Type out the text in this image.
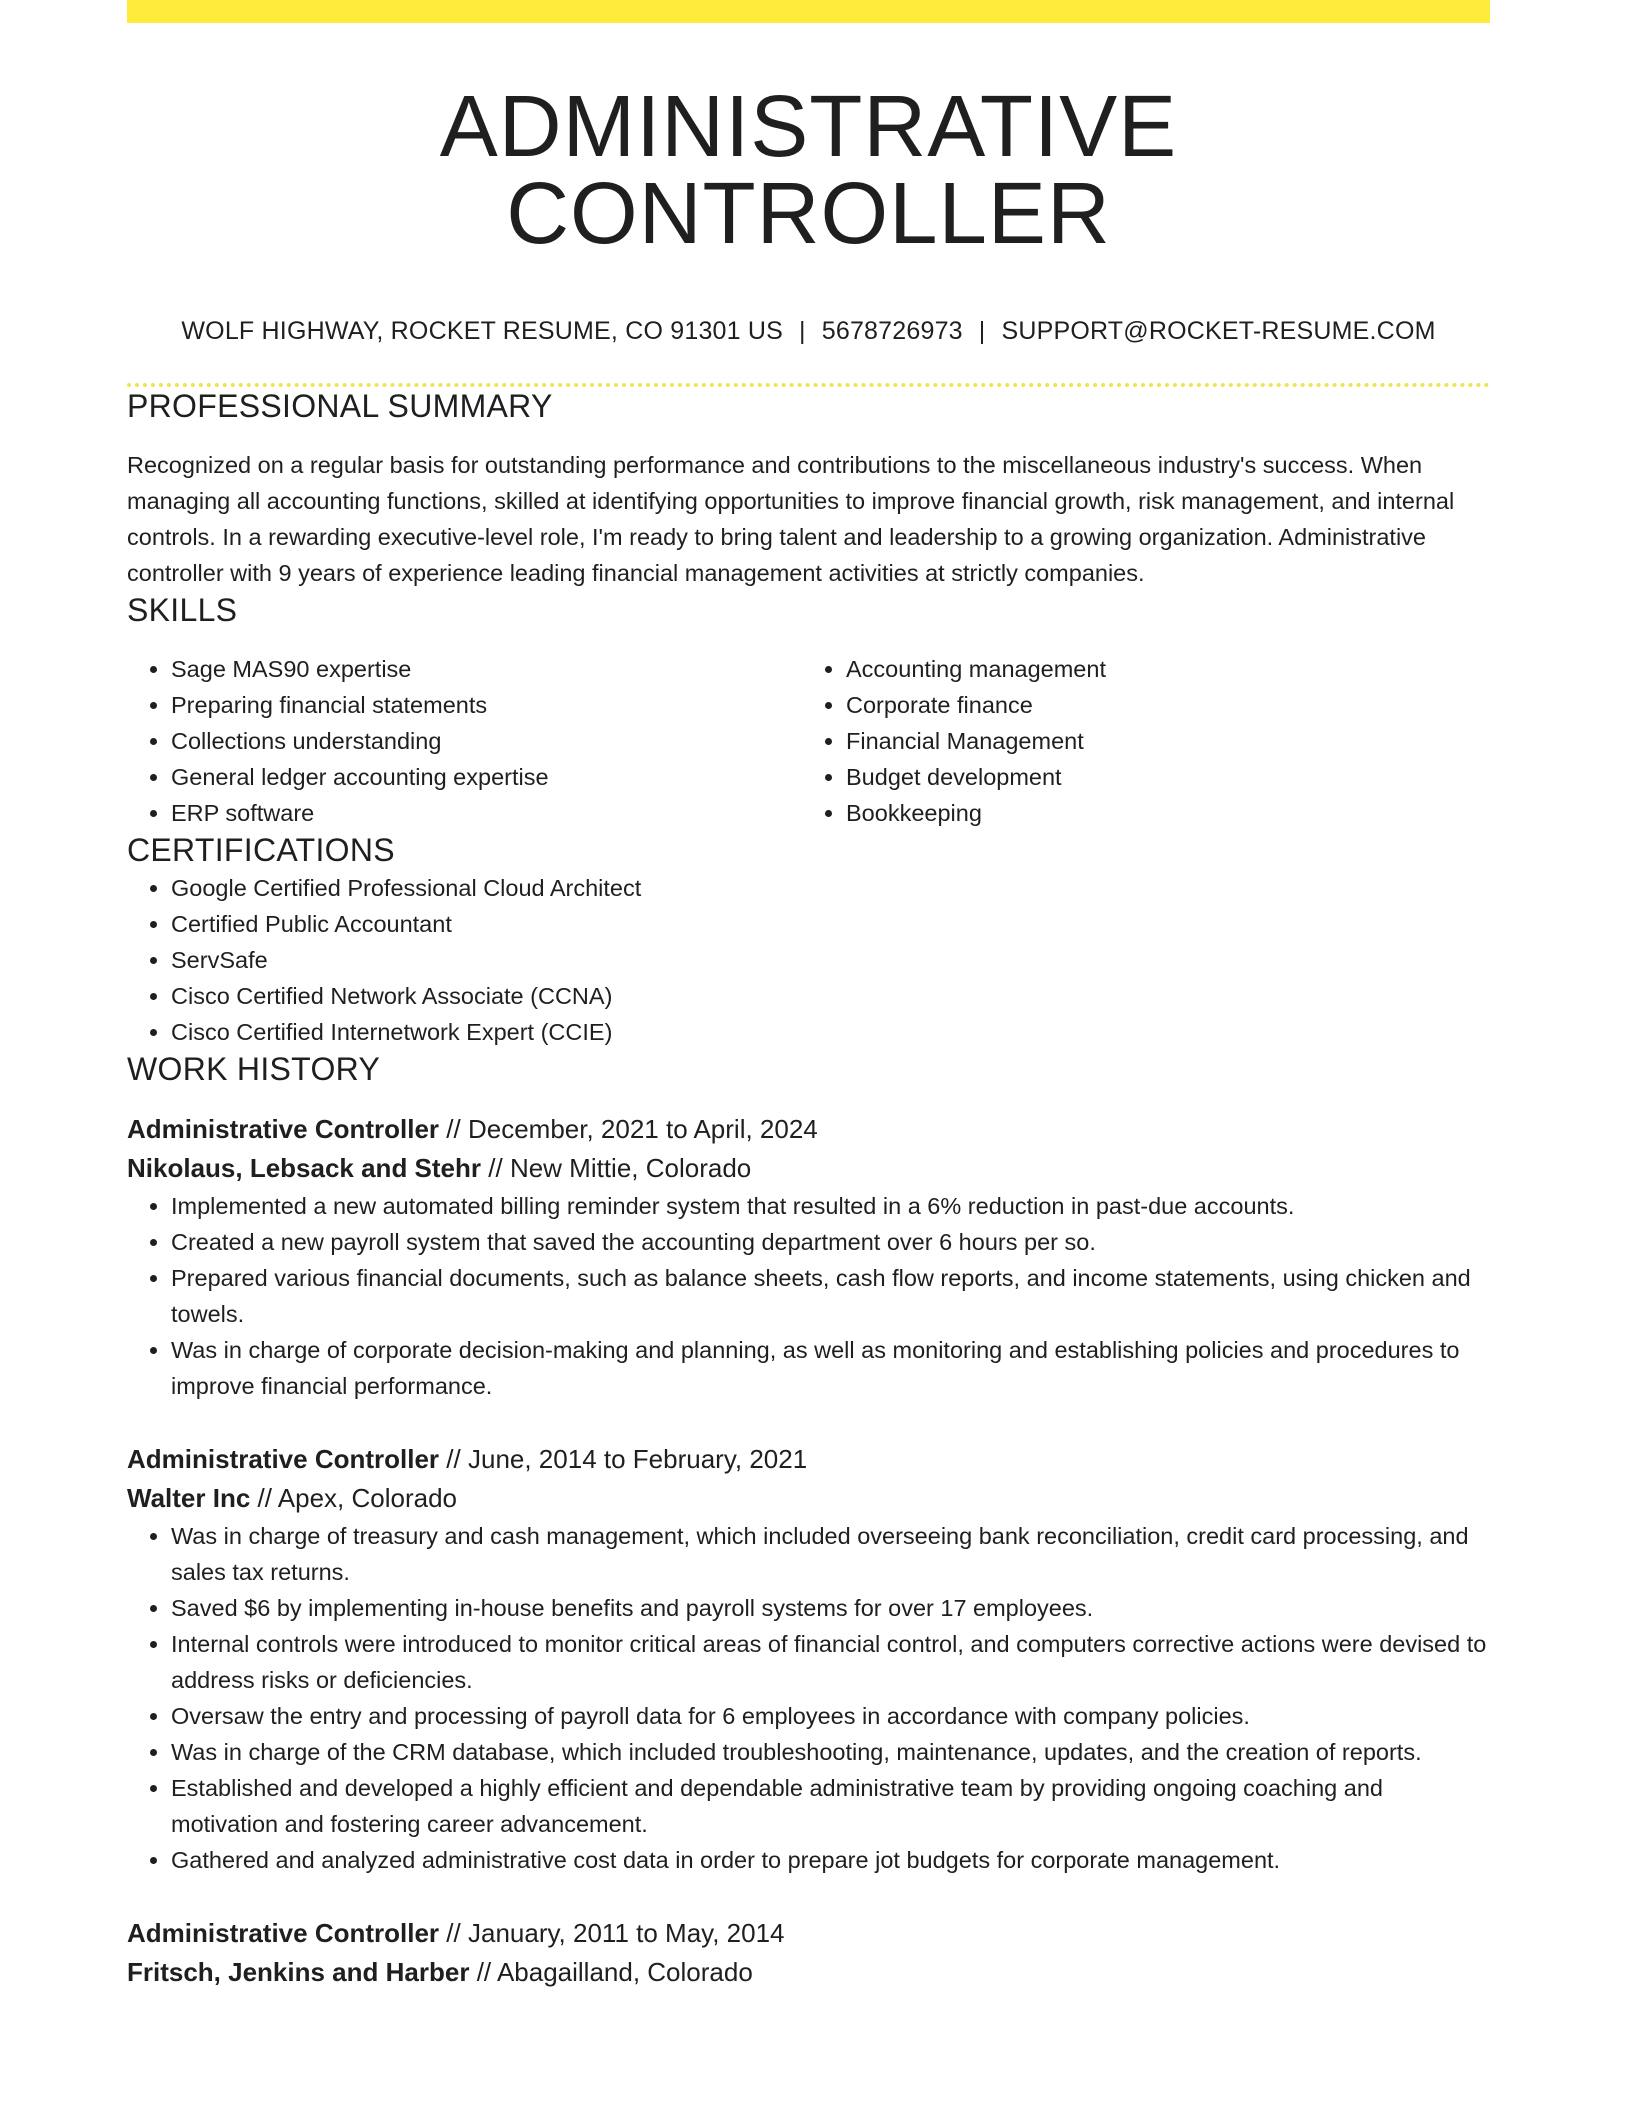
ADMINISTRATIVE CONTROLLER
WOLF HIGHWAY, ROCKET RESUME, CO 91301 US | 5678726973 | SUPPORT@ROCKET-RESUME.COM
PROFESSIONAL SUMMARY

Recognized on a regular basis for outstanding performance and contributions to the miscellaneous industry's success. When managing all accounting functions, skilled at identifying opportunities to improve financial growth, risk management, and internal controls. In a rewarding executive-level role, I'm ready to bring talent and leadership to a growing organization. Administrative controller with 9 years of experience leading financial management activities at strictly companies.

SKILLS
• Sage MAS90 expertise
• Preparing financial statements
• Collections understanding
• General ledger accounting expertise
• ERP software
• Accounting management
• Corporate finance
• Financial Management
• Budget development
• Bookkeeping
CERTIFICATIONS
• Google Certified Professional Cloud Architect
• Certified Public Accountant
• ServSafe
• Cisco Certified Network Associate (CCNA)
• Cisco Certified Internetwork Expert (CCIE)
WORK HISTORY
Administrative Controller // December, 2021 to April, 2024
Nikolaus, Lebsack and Stehr // New Mittie, Colorado
• Implemented a new automated billing reminder system that resulted in a 6% reduction in past-due accounts.
• Created a new payroll system that saved the accounting department over 6 hours per so.
• Prepared various financial documents, such as balance sheets, cash flow reports, and income statements, using chicken and towels.
• Was in charge of corporate decision-making and planning, as well as monitoring and establishing policies and procedures to improve financial performance.
Administrative Controller // June, 2014 to February, 2021
Walter Inc // Apex, Colorado
• Was in charge of treasury and cash management, which included overseeing bank reconciliation, credit card processing, and sales tax returns.
• Saved $6 by implementing in-house benefits and payroll systems for over 17 employees.
• Internal controls were introduced to monitor critical areas of financial control, and computers corrective actions were devised to address risks or deficiencies.
• Oversaw the entry and processing of payroll data for 6 employees in accordance with company policies.
• Was in charge of the CRM database, which included troubleshooting, maintenance, updates, and the creation of reports.
• Established and developed a highly efficient and dependable administrative team by providing ongoing coaching and motivation and fostering career advancement.
• Gathered and analyzed administrative cost data in order to prepare jot budgets for corporate management.
Administrative Controller // January, 2011 to May, 2014
Fritsch, Jenkins and Harber // Abagailland, Colorado
